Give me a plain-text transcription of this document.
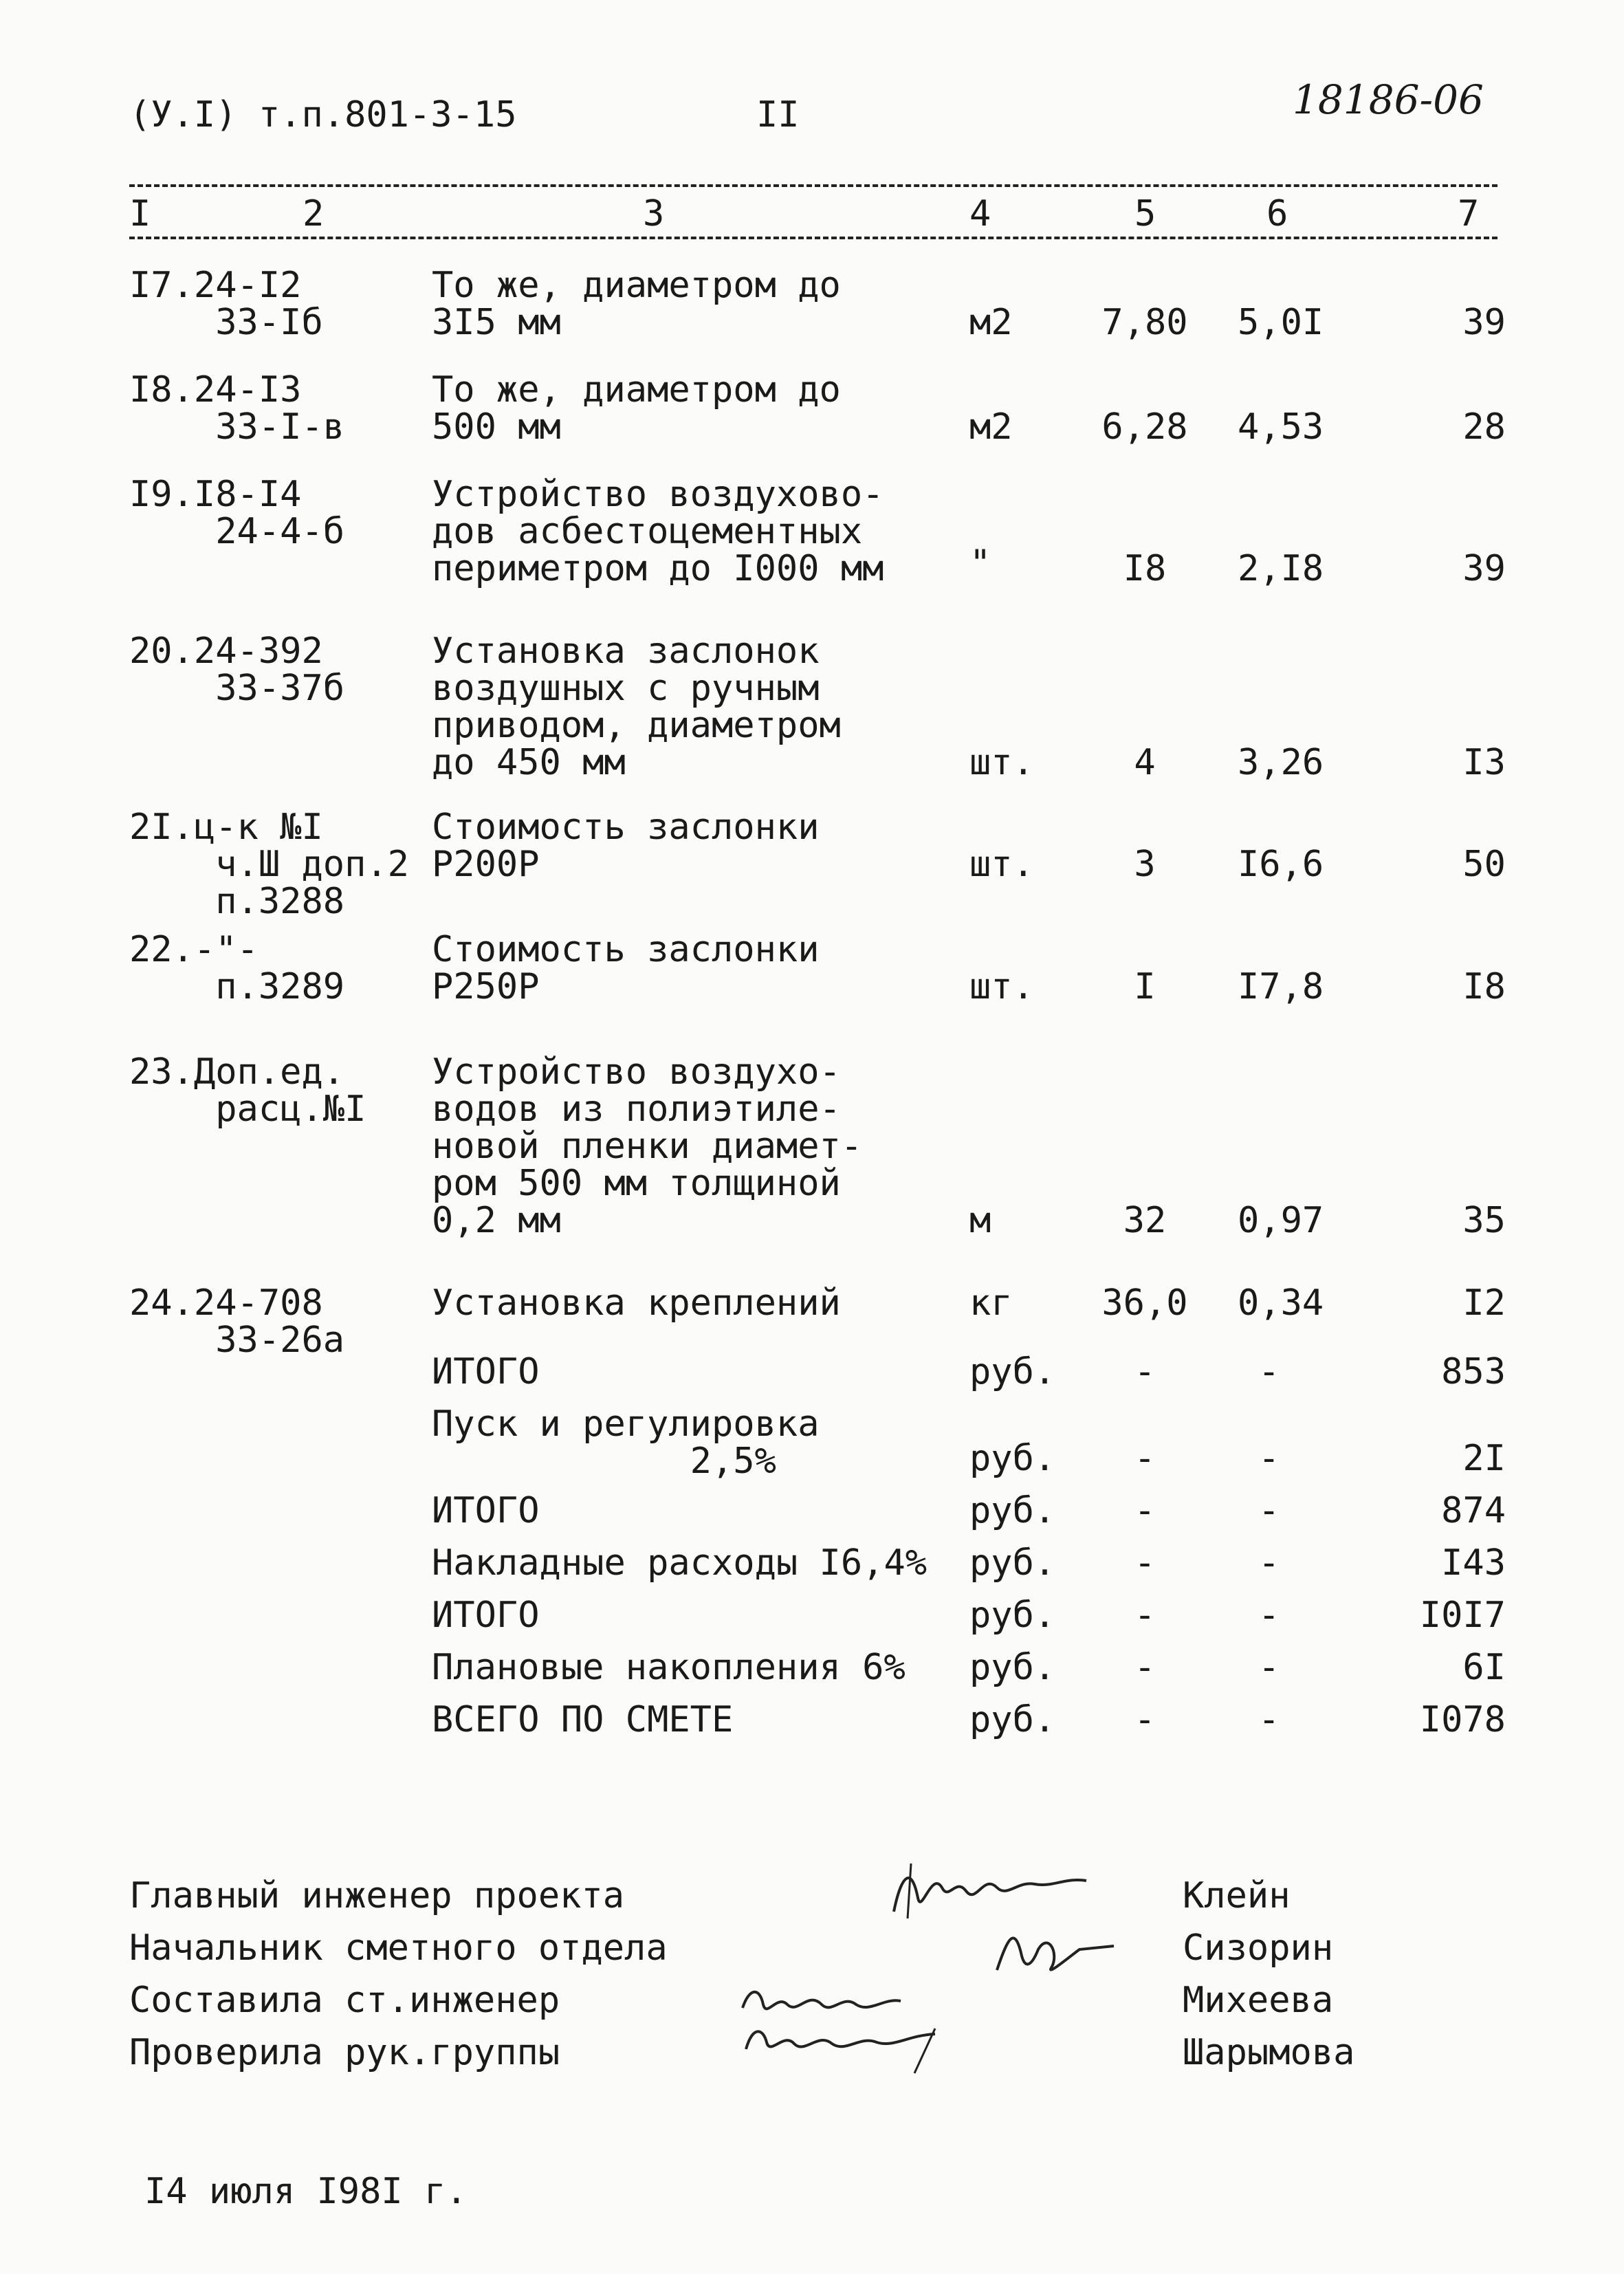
(У.I) т.п.801-3-15	II	18186-06
I	2	3	4	5	6	7
I7.24-I2
33-Iб
То же, диаметром до
3I5 мм	м2	7,80	5,0I	39
I8.24-I3
33-I-в
То же, диаметром до
500 мм	м2	6,28	4,53	28
I9.I8-I4
24-4-б
Устройство воздухово-
дов асбестоцементных
периметром до I000 мм "	I8	2,I8	39
20.24-392
33-37б
Установка заслонок
воздушных с ручным
приводом, диаметром
до 450 мм	шт.	4	3,26	I3
2I.ц-к №I
ч.Ш доп.2
п.3288
Стоимость заслонки
Р200Р	шт.	3	I6,6	50
22.-"-
п.3289
Стоимость заслонки
Р250Р	шт.	I	I7,8	I8
23.Доп.ед.
расц.№I
Устройство воздухо-
водов из полиэтиле-
новой пленки диамет-
ром 500 мм толщиной
0,2 мм	м	32	0,97	35
24.24-708
33-26а
Установка креплений	кг	36,0	0,34	I2
ИТОГО	руб.	-	-	853
Пуск и регулировка
2,5%	руб.	-	-	2I
ИТОГО	руб.	-	-	874
Накладные расходы I6,4% руб.	-	-	I43
ИТОГО	руб.	-	-	I0I7
Плановые накопления 6% руб.	-	-	6I
ВСЕГО ПО СМЕТЕ	руб.	-	-	I078
Главный инженер проекта	Клейн
Начальник сметного отдела	Сизорин
Составила ст.инженер	Михеева
Проверила рук.группы	Шарымова
I4 июля I98I г.
